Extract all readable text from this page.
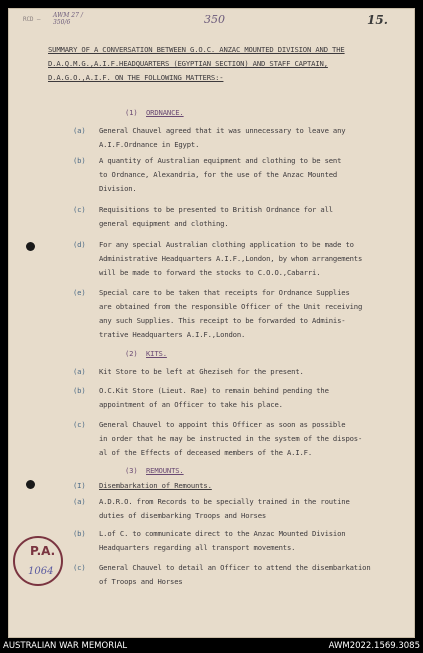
RCD —
AWM 27 / 350/6	350	15.
SUMMARY OF A CONVERSATION BETWEEN G.O.C. ANZAC MOUNTED DIVISION AND THE
D.A.Q.M.G.,A.I.F.HEADQUARTERS (EGYPTIAN SECTION) AND STAFF CAPTAIN,
D.A.G.O.,A.I.F. ON THE FOLLOWING MATTERS:-
(1) ORDNANCE.
(a) General Chauvel agreed that it was unnecessary to leave any
A.I.F.Ordnance in Egypt.
(b) A quantity of Australian equipment and clothing to be sent
to Ordnance, Alexandria, for the use of the Anzac Mounted
Division.
(c) Requisitions to be presented to British Ordnance for all
general equipment and clothing.
(d) For any special Australian clothing application to be made to
Administrative Headquarters A.I.F.,London, by whom arrangements
will be made to forward the stocks to C.O.O.,Cabarri.
(e) Special care to be taken that receipts for Ordnance Supplies
are obtained from the responsible Officer of the Unit receiving
any such Supplies. This receipt to be forwarded to Adminis-
trative Headquarters A.I.F.,London.
(2) KITS.
(a) Kit Store to be left at Gheziseh for the present.
(b) O.C.Kit Store (Lieut. Rae) to remain behind pending the
appointment of an Officer to take his place.
(c) General Chauvel to appoint this Officer as soon as possible
in order that he may be instructed in the system of the dispos-
al of the Effects of deceased members of the A.I.F.
(3) REMOUNTS.
(I) Disembarkation of Remounts.
(a) A.D.R.O. from Records to be specially trained in the routine
duties of disembarking Troops and Horses
(b) L.of C. to communicate direct to the Anzac Mounted Division
Headquarters regarding all transport movements.
(c) General Chauvel to detail an Officer to attend the disembarkation
of Troops and Horses
P.A.
1064
AUSTRALIAN WAR MEMORIAL	AWM2022.1569.3085
